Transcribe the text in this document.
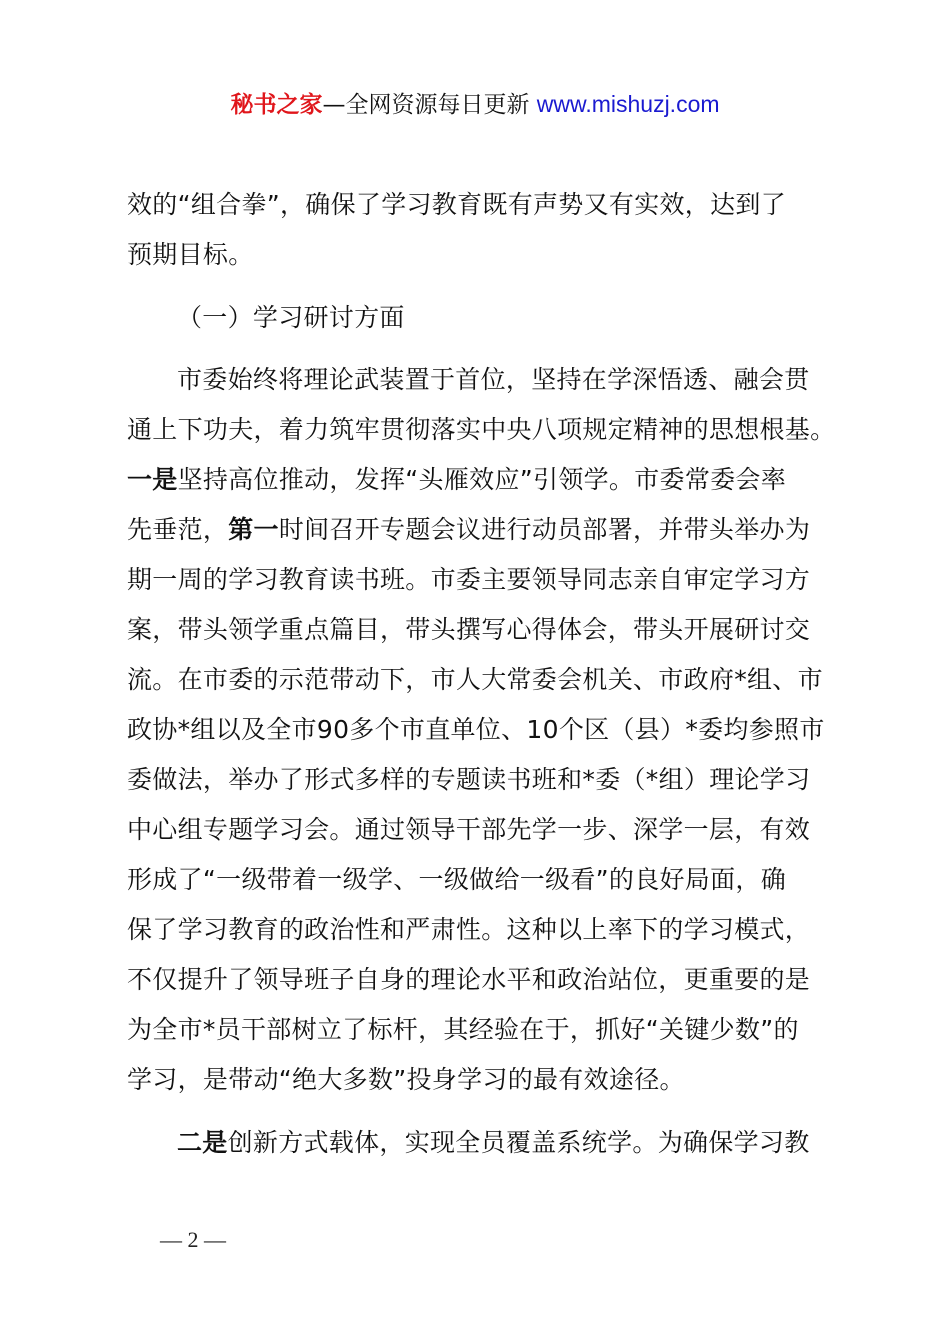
秘书之家—全网资源每日更新 www.mishuzj.com
效的“组合拳”，确保了学习教育既有声势又有实效，达到了
预期目标。
（一）学习研讨方面
市委始终将理论武装置于首位，坚持在学深悟透、融会贯
通上下功夫，着力筑牢贯彻落实中央八项规定精神的思想根基。
一是坚持高位推动，发挥“头雁效应”引领学。市委常委会率
先垂范，第一时间召开专题会议进行动员部署，并带头举办为
期一周的学习教育读书班。市委主要领导同志亲自审定学习方
案，带头领学重点篇目，带头撰写心得体会，带头开展研讨交
流。在市委的示范带动下，市人大常委会机关、市政府*组、市
政协*组以及全市90多个市直单位、10个区（县）*委均参照市
委做法，举办了形式多样的专题读书班和*委（*组）理论学习
中心组专题学习会。通过领导干部先学一步、深学一层，有效
形成了“一级带着一级学、一级做给一级看”的良好局面，确
保了学习教育的政治性和严肃性。这种以上率下的学习模式，
不仅提升了领导班子自身的理论水平和政治站位，更重要的是
为全市*员干部树立了标杆，其经验在于，抓好“关键少数”的
学习，是带动“绝大多数”投身学习的最有效途径。
二是创新方式载体，实现全员覆盖系统学。为确保学习教
— 2 —
